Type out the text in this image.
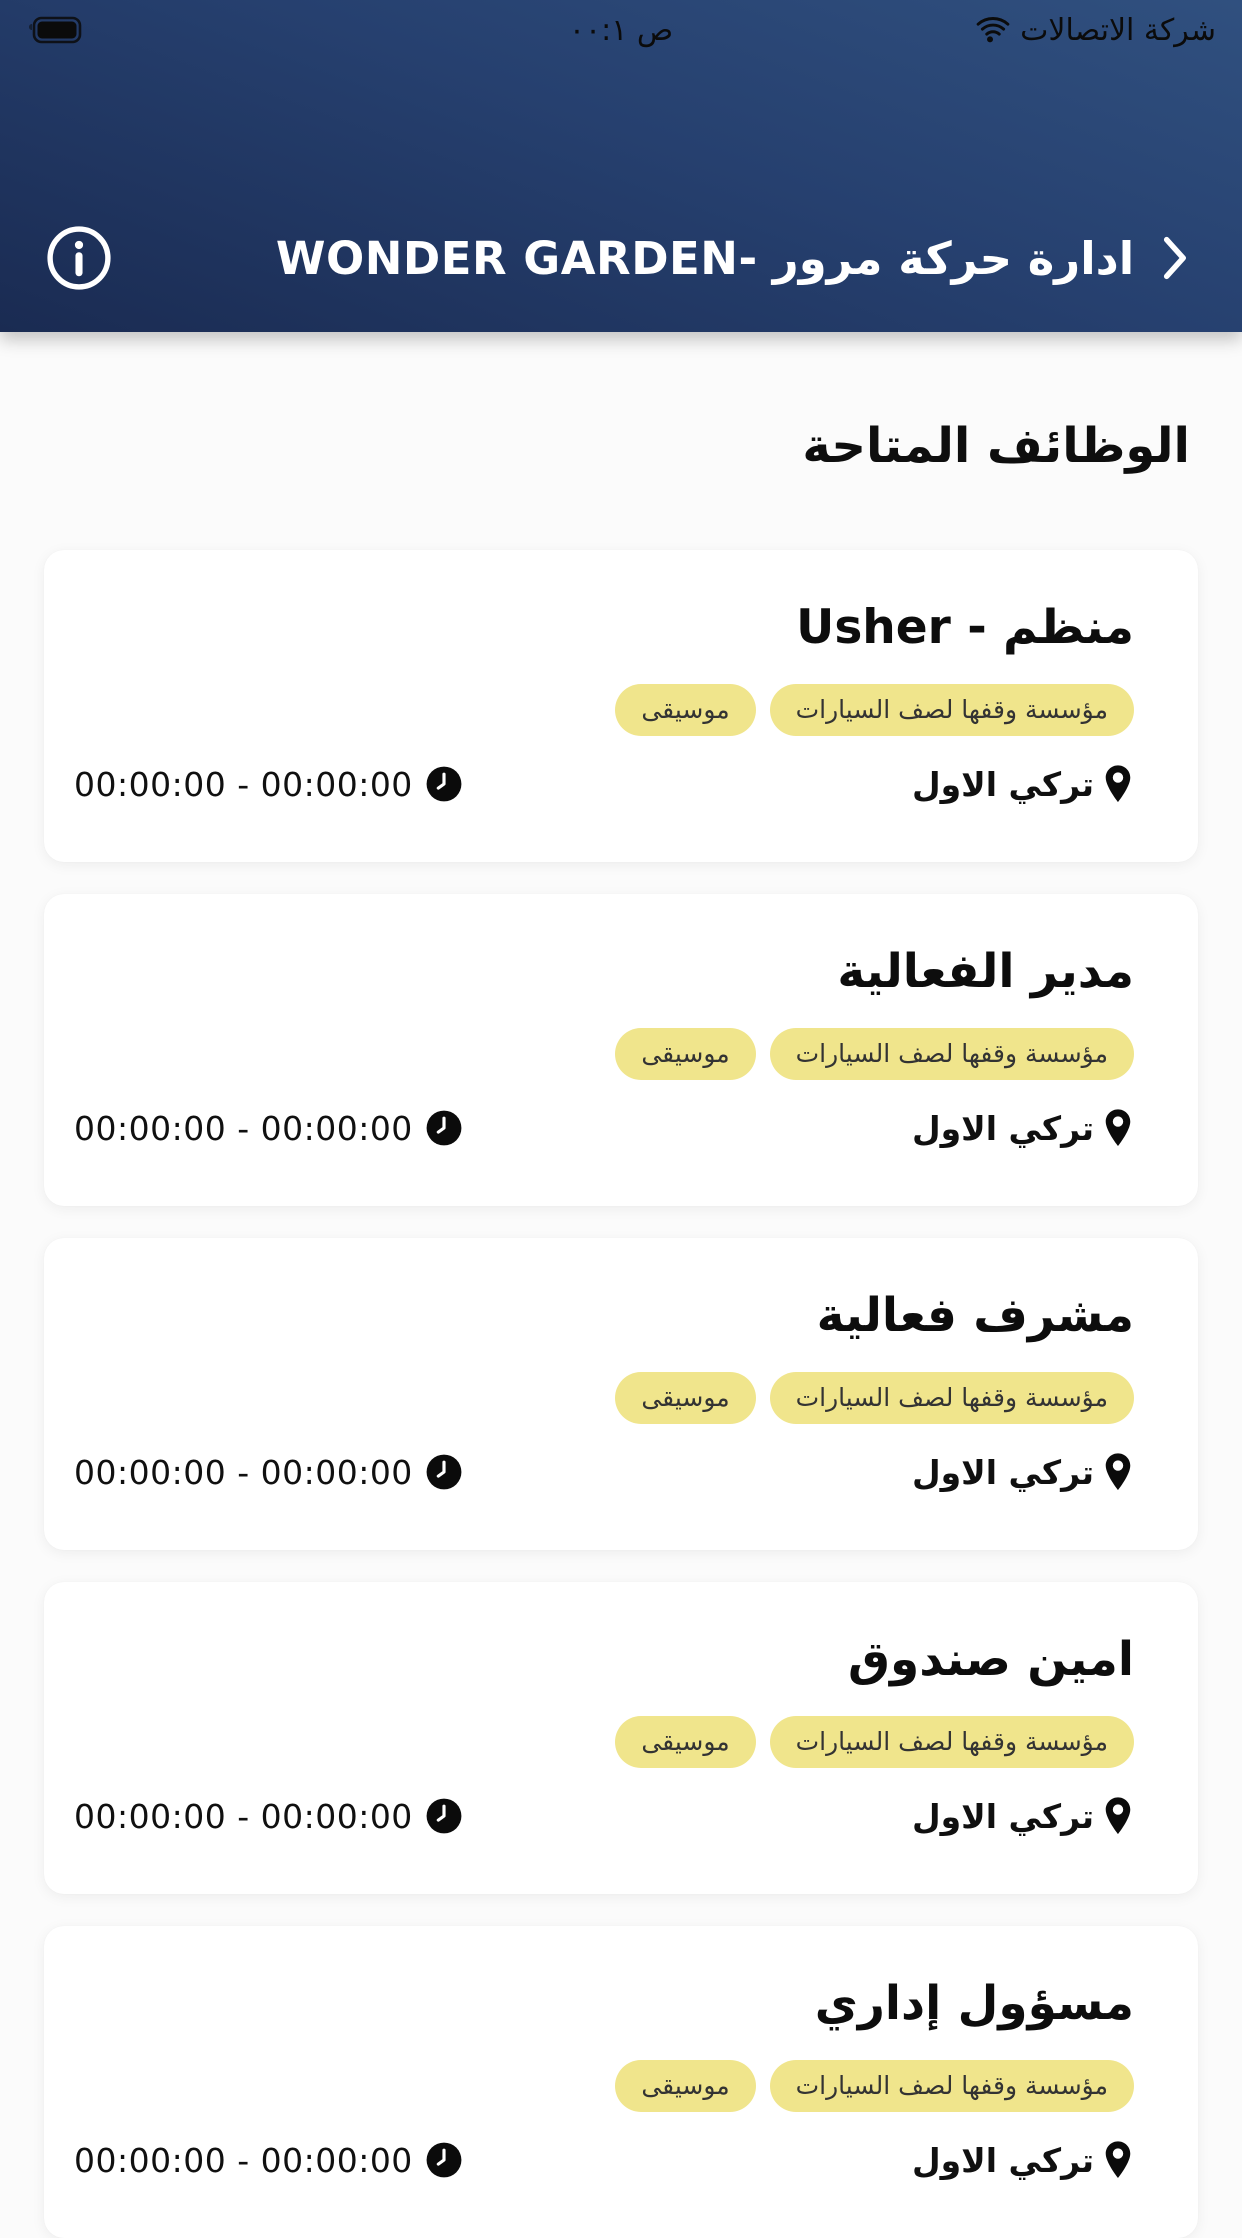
شركة الاتصالات
٠٠:١ ص
ادارة حركة مرور -WONDER GARDEN
الوظائف المتاحة
منظم - Usher
مؤسسة وقفها لصف السيارات
موسيقى
تركي الاول
00:00:00 - 00:00:00
مدير الفعالية
مؤسسة وقفها لصف السيارات
موسيقى
تركي الاول
00:00:00 - 00:00:00
مشرف فعالية
مؤسسة وقفها لصف السيارات
موسيقى
تركي الاول
00:00:00 - 00:00:00
امين صندوق
مؤسسة وقفها لصف السيارات
موسيقى
تركي الاول
00:00:00 - 00:00:00
مسؤول إداري
مؤسسة وقفها لصف السيارات
موسيقى
تركي الاول
00:00:00 - 00:00:00
